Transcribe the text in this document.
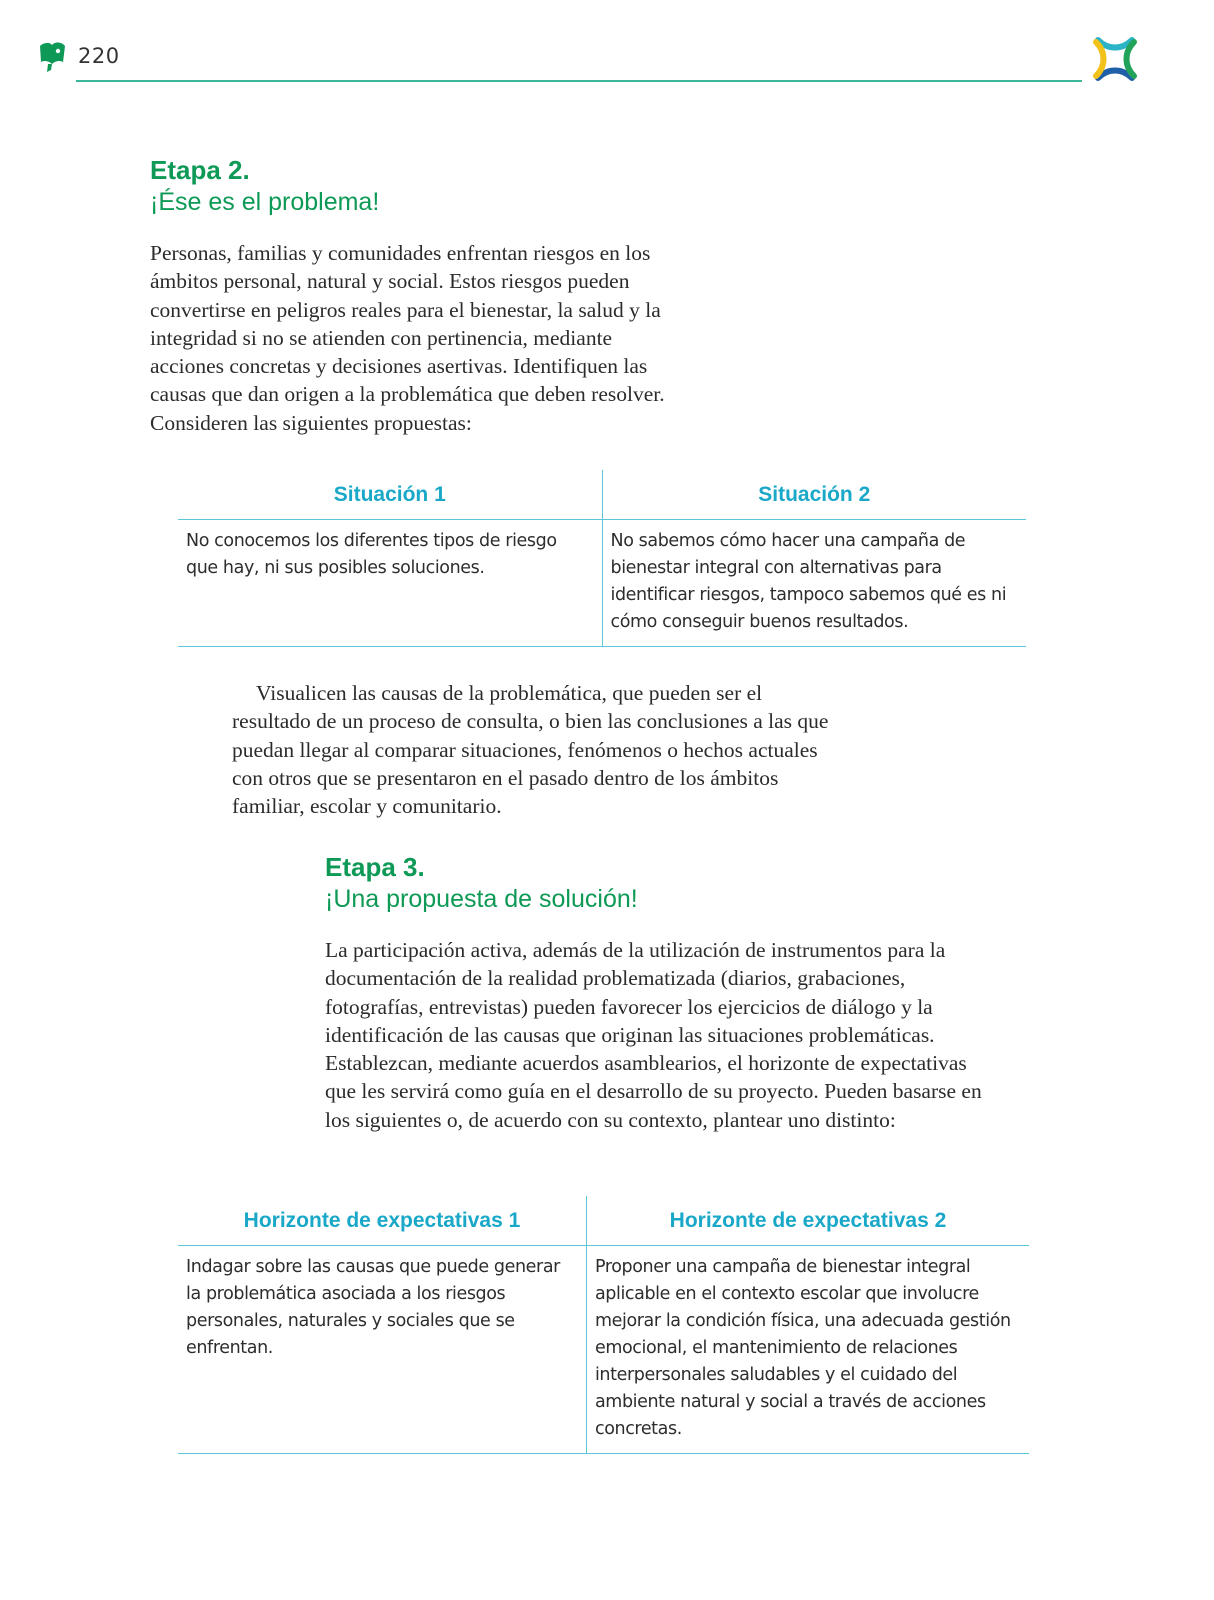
220
Etapa 2.
¡Ése es el problema!

Personas, familias y comunidades enfrentan riesgos en los ámbitos personal, natural y social. Estos riesgos pueden convertirse en peligros reales para el bienestar, la salud y la integridad si no se atienden con pertinencia, mediante acciones concretas y decisiones asertivas. Identifiquen las causas que dan origen a la problemática que deben resolver. Consideren las siguientes propuestas:

Situación 1	Situación 2
No conocemos los diferentes tipos de riesgo que hay, ni sus posibles soluciones.	No sabemos cómo hacer una campaña de bienestar integral con alternativas para identificar riesgos, tampoco sabemos qué es ni cómo conseguir buenos resultados.

Visualicen las causas de la problemática, que pueden ser el resultado de un proceso de consulta, o bien las conclusiones a las que puedan llegar al comparar situaciones, fenómenos o hechos actuales con otros que se presentaron en el pasado dentro de los ámbitos familiar, escolar y comunitario.

Etapa 3.
¡Una propuesta de solución!

La participación activa, además de la utilización de instrumentos para la documentación de la realidad problematizada (diarios, grabaciones, fotografías, entrevistas) pueden favorecer los ejercicios de diálogo y la identificación de las causas que originan las situaciones problemáticas. Establezcan, mediante acuerdos asamblearios, el horizonte de expectativas que les servirá como guía en el desarrollo de su proyecto. Pueden basarse en los siguientes o, de acuerdo con su contexto, plantear uno distinto:

Horizonte de expectativas 1	Horizonte de expectativas 2
Indagar sobre las causas que puede generar la problemática asociada a los riesgos personales, naturales y sociales que se enfrentan.	Proponer una campaña de bienestar integral aplicable en el contexto escolar que involucre mejorar la condición física, una adecuada gestión emocional, el mantenimiento de relaciones interpersonales saludables y el cuidado del ambiente natural y social a través de acciones concretas.
